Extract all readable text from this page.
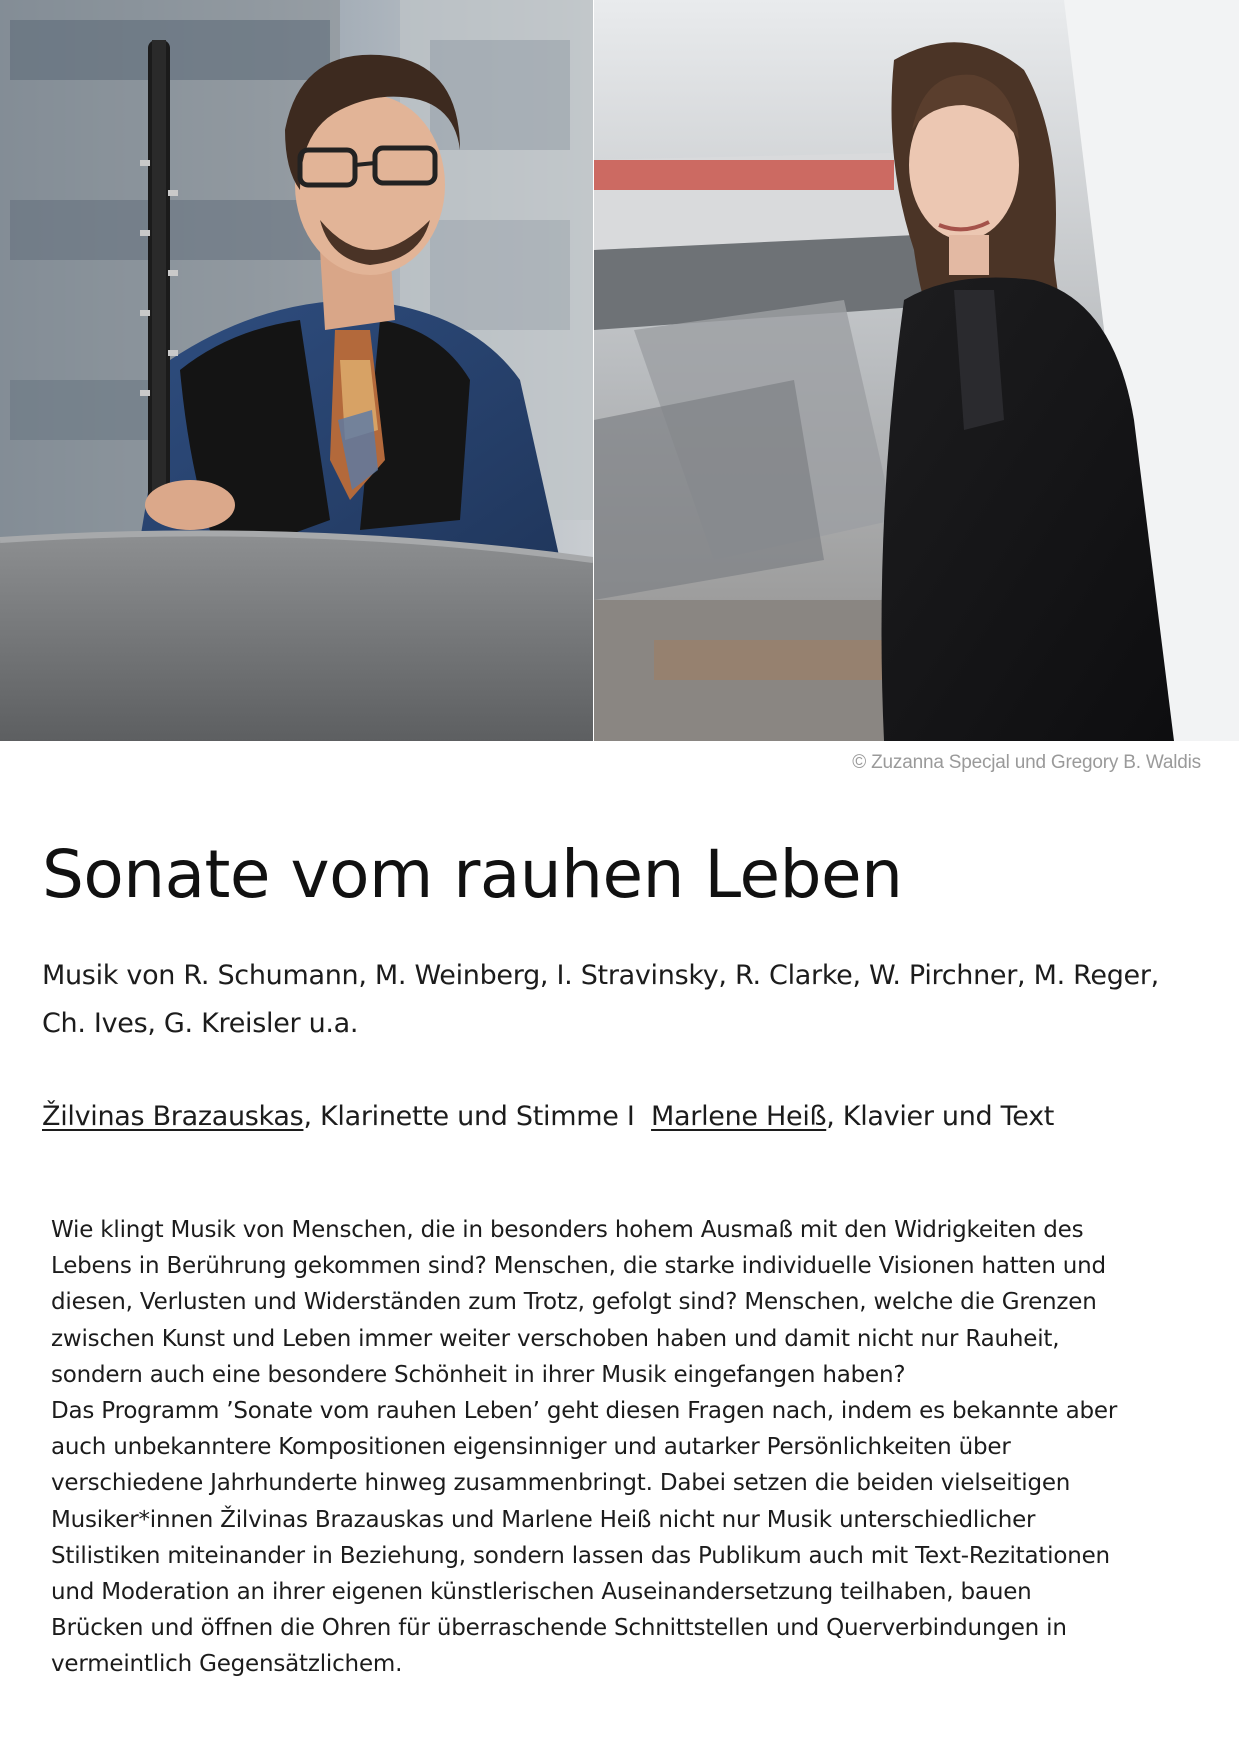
© Zuzanna Specjal und Gregory B. Waldis
Sonate vom rauhen Leben

Musik von R. Schumann, M. Weinberg, I. Stravinsky, R. Clarke, W. Pirchner, M. Reger, Ch. Ives, G. Kreisler u.a.

Žilvinas Brazauskas, Klarinette und Stimme I  Marlene Heiß, Klavier und Text
Wie klingt Musik von Menschen, die in besonders hohem Ausmaß mit den Widrigkeiten des
Lebens in Berührung gekommen sind? Menschen, die starke individuelle Visionen hatten und
diesen, Verlusten und Widerständen zum Trotz, gefolgt sind? Menschen, welche die Grenzen
zwischen Kunst und Leben immer weiter verschoben haben und damit nicht nur Rauheit,
sondern auch eine besondere Schönheit in ihrer Musik eingefangen haben?
Das Programm ’Sonate vom rauhen Leben’ geht diesen Fragen nach, indem es bekannte aber
auch unbekanntere Kompositionen eigensinniger und autarker Persönlichkeiten über
verschiedene Jahrhunderte hinweg zusammenbringt. Dabei setzen die beiden vielseitigen
Musiker*innen Žilvinas Brazauskas und Marlene Heiß nicht nur Musik unterschiedlicher
Stilistiken miteinander in Beziehung, sondern lassen das Publikum auch mit Text-Rezitationen
und Moderation an ihrer eigenen künstlerischen Auseinandersetzung teilhaben, bauen
Brücken und öffnen die Ohren für überraschende Schnittstellen und Querverbindungen in
vermeintlich Gegensätzlichem.
